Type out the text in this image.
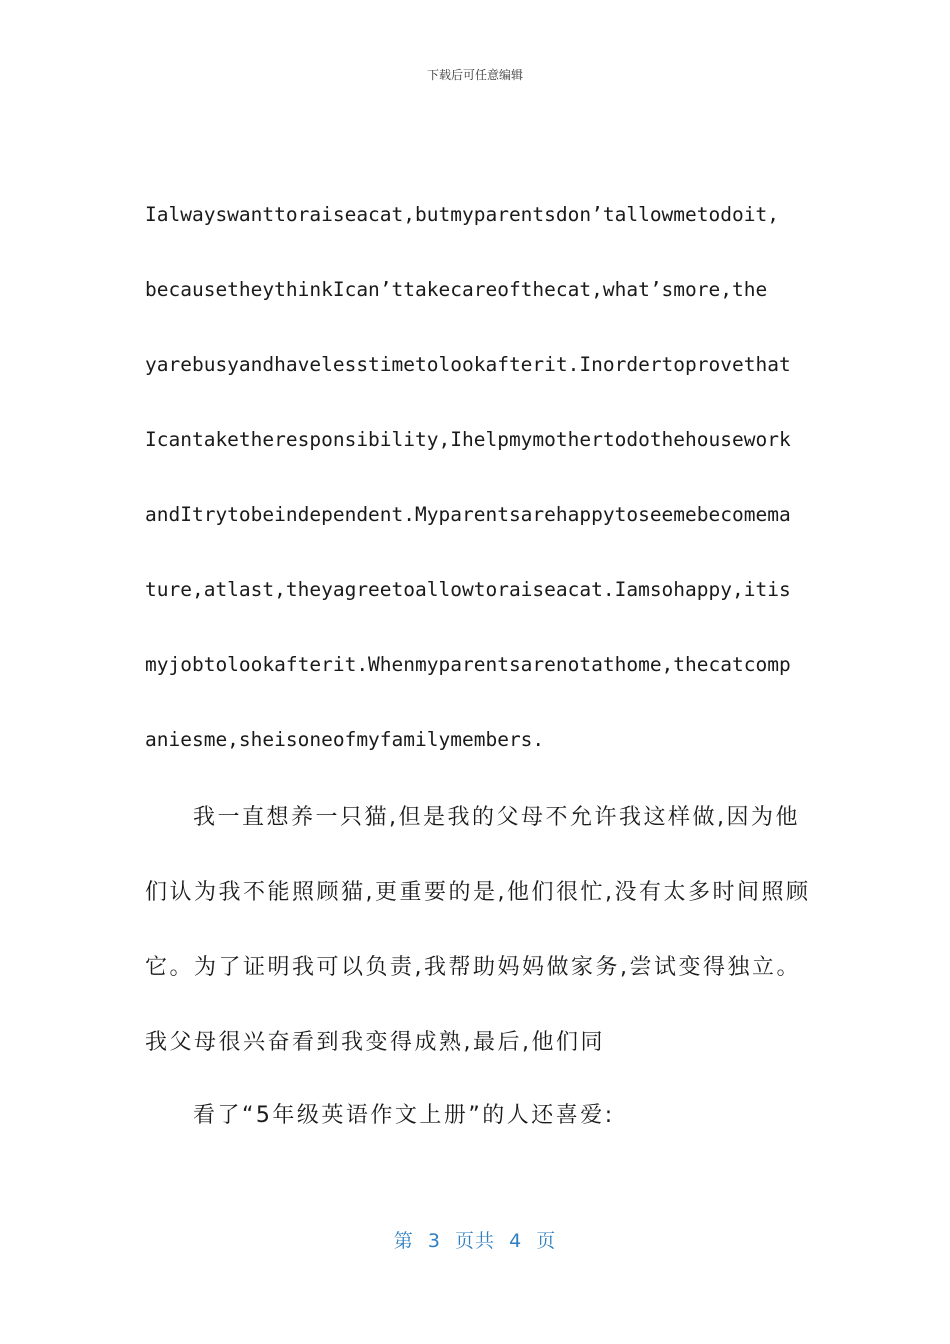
下载后可任意编辑
Ialwayswanttoraiseacat,butmyparentsdon’tallowmetodoit,
becausetheythinkIcan’ttakecareofthecat,what’smore,the
yarebusyandhavelesstimetolookafterit.Inordertoprovethat
Icantaketheresponsibility,Ihelpmymothertodothehousework
andItrytobeindependent.Myparentsarehappytoseemebecomema
ture,atlast,theyagreetoallowtoraiseacat.Iamsohappy,itis
myjobtolookafterit.Whenmyparentsarenotathome,thecatcomp
aniesme,sheisoneofmyfamilymembers.
我一直想养一只猫,但是我的父母不允许我这样做,因为他
们认为我不能照顾猫,更重要的是,他们很忙,没有太多时间照顾
它。为了证明我可以负责,我帮助妈妈做家务,尝试变得独立。
我父母很兴奋看到我变得成熟,最后,他们同
看了“5年级英语作文上册”的人还喜爱:
第  3  页共  4  页
